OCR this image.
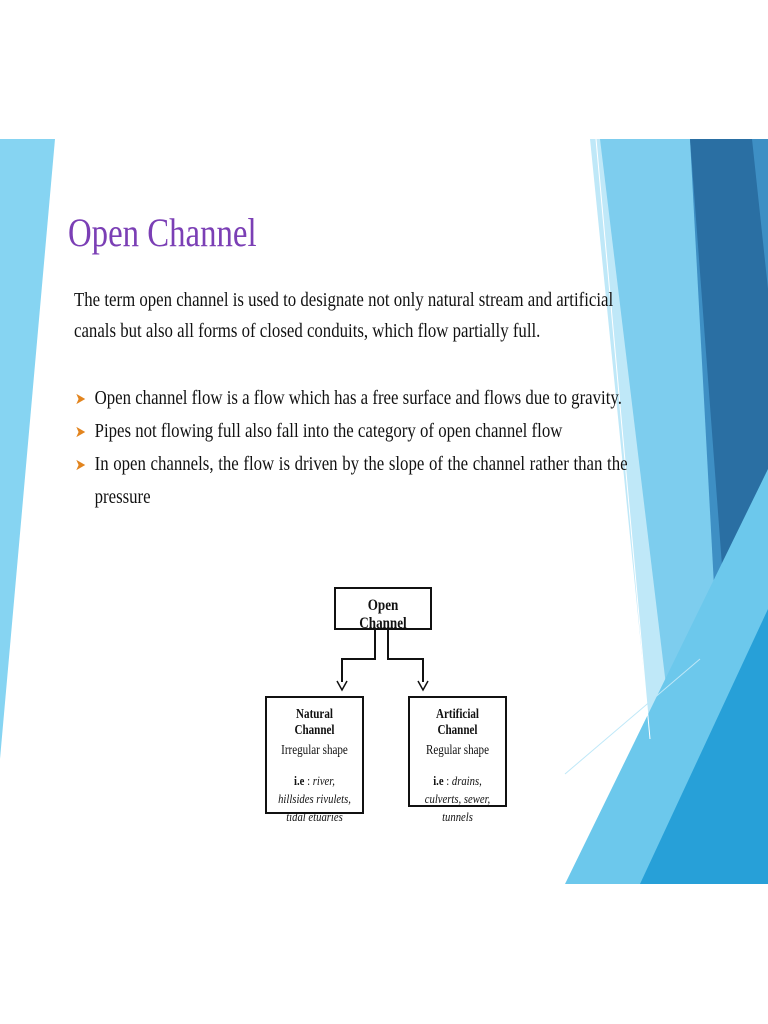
Open Channel

The term open channel is used to designate not only natural stream and artificial canals but also all forms of closed conduits, which flow partially full.

➤ Open channel flow is a flow which has a free surface and flows due to gravity.
➤ Pipes not flowing full also fall into the category of open channel flow
➤ In open channels, the flow is driven by the slope of the channel rather than the pressure
Open Channel
Natural Channel
Irregular shape
i.e : river, hillsides rivulets, tidal etuaries
Artificial Channel
Regular shape
i.e : drains, culverts, sewer, tunnels
